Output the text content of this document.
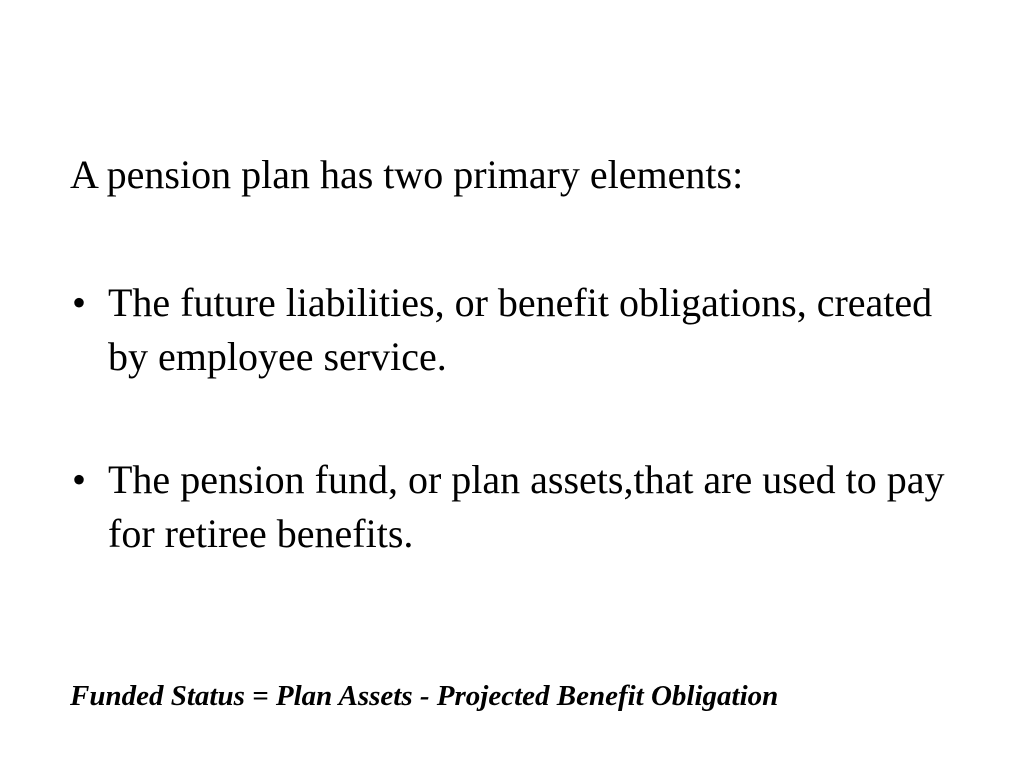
A pension plan has two primary elements:

• The future liabilities, or benefit obligations, created by employee service.
• The pension fund, or plan assets,that are used to pay for retiree benefits.

Funded Status = Plan Assets - Projected Benefit Obligation
